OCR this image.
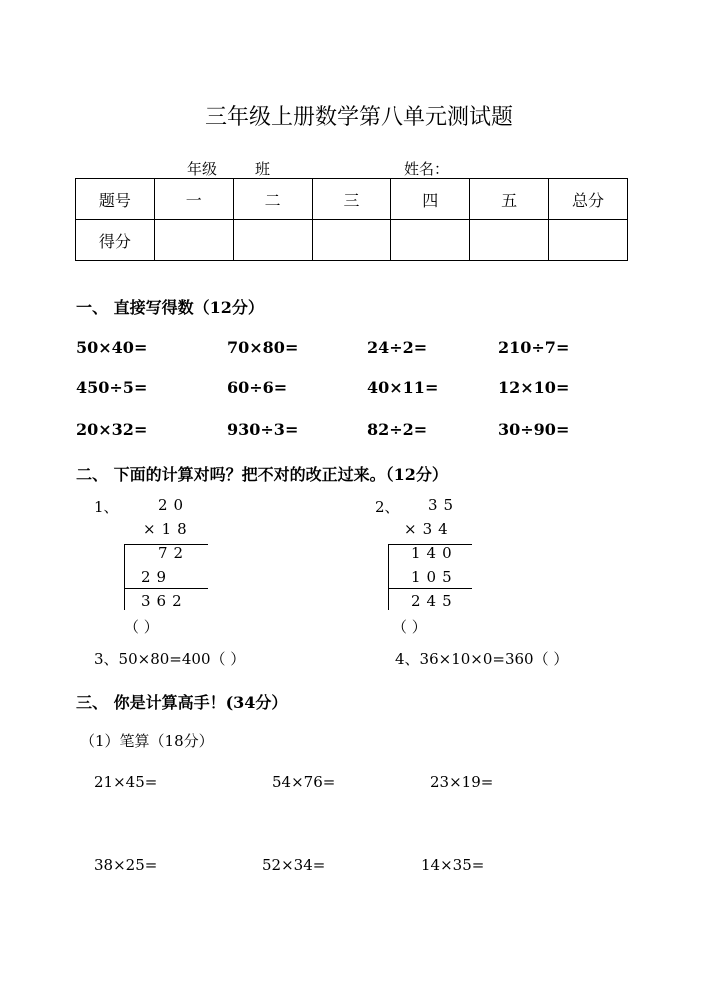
三年级上册数学第八单元测试题
年级	班	姓名：
题号	一	二	三	四	五	总分
得分						
一、 直接写得数（12分）
50×40=	70×80=	24÷2=	210÷7=
450÷5=	60÷6=	40×11=	12×10=
20×32=	930÷3=	82÷2=	30÷90=
二、 下面的计算对吗？把不对的改正过来。（12分）
1、	20
×18
72
29
362
（ ）
2、 35
×34
140
105
245
（ ）
3、50×80=400（ ）	4、36×10×0=360（ ）
三、 你是计算高手！(34分）
（1）笔算（18分）
21×45=	54×76=	23×19=
38×25=	52×34=	14×35=
